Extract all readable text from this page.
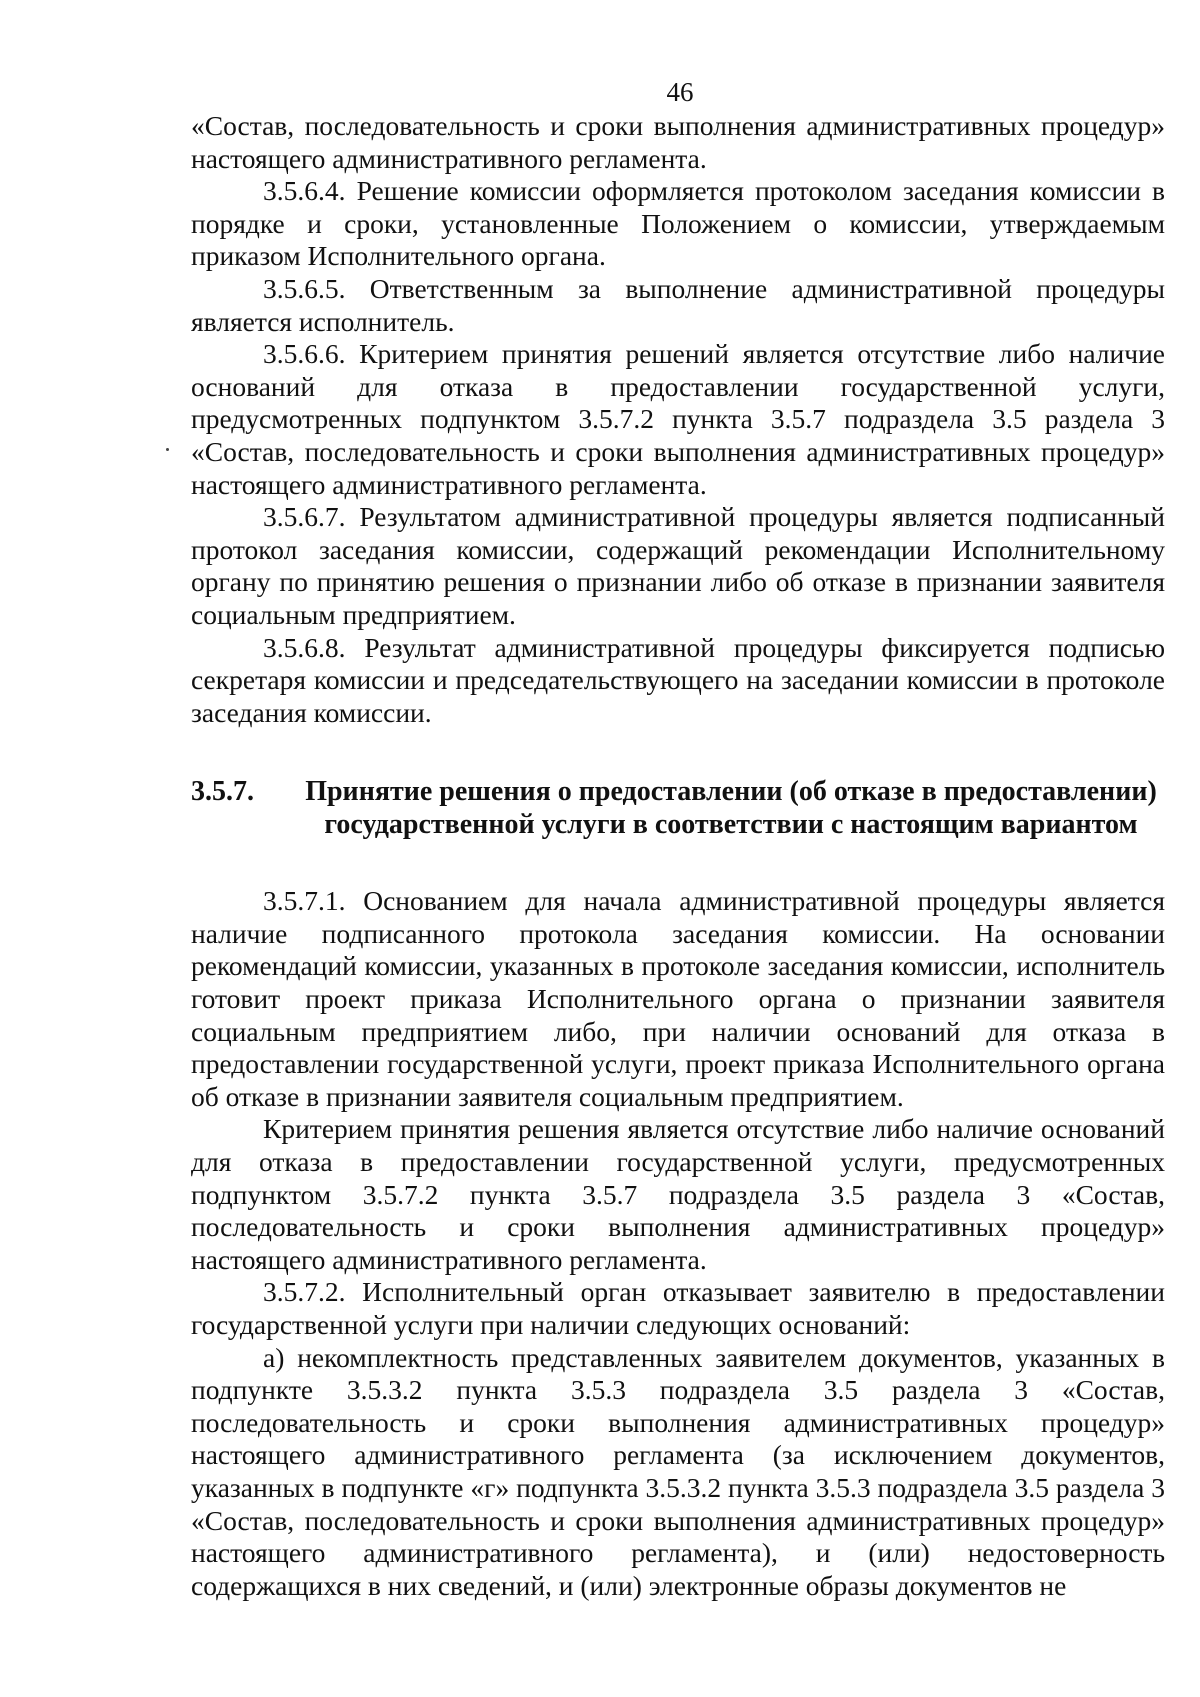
46

«Состав, последовательность и сроки выполнения административных процедур» настоящего административного регламента.

3.5.6.4. Решение комиссии оформляется протоколом заседания комиссии в порядке и сроки, установленные Положением о комиссии, утверждаемым приказом Исполнительного органа.

3.5.6.5. Ответственным за выполнение административной процедуры является исполнитель.

3.5.6.6. Критерием принятия решений является отсутствие либо наличие оснований для отказа в предоставлении государственной услуги, предусмотренных подпунктом 3.5.7.2 пункта 3.5.7 подраздела 3.5 раздела 3 «Состав, последовательность и сроки выполнения административных процедур» настоящего административного регламента.

3.5.6.7. Результатом административной процедуры является подписанный протокол заседания комиссии, содержащий рекомендации Исполнительному органу по принятию решения о признании либо об отказе в признании заявителя социальным предприятием.

3.5.6.8. Результат административной процедуры фиксируется подписью секретаря комиссии и председательствующего на заседании комиссии в протоколе заседания комиссии.

3.5.7. Принятие решения о предоставлении (об отказе в предоставлении)
государственной услуги в соответствии с настоящим вариантом

3.5.7.1. Основанием для начала административной процедуры является наличие подписанного протокола заседания комиссии. На основании рекомендаций комиссии, указанных в протоколе заседания комиссии, исполнитель готовит проект приказа Исполнительного органа о признании заявителя социальным предприятием либо, при наличии оснований для отказа в предоставлении государственной услуги, проект приказа Исполнительного органа об отказе в признании заявителя социальным предприятием.

Критерием принятия решения является отсутствие либо наличие оснований для отказа в предоставлении государственной услуги, предусмотренных подпунктом 3.5.7.2 пункта 3.5.7 подраздела 3.5 раздела 3 «Состав, последовательность и сроки выполнения административных процедур» настоящего административного регламента.

3.5.7.2. Исполнительный орган отказывает заявителю в предоставлении государственной услуги при наличии следующих оснований:

а) некомплектность представленных заявителем документов, указанных в подпункте 3.5.3.2 пункта 3.5.3 подраздела 3.5 раздела 3 «Состав, последовательность и сроки выполнения административных процедур» настоящего административного регламента (за исключением документов, указанных в подпункте «г» подпункта 3.5.3.2 пункта 3.5.3 подраздела 3.5 раздела 3 «Состав, последовательность и сроки выполнения административных процедур» настоящего административного регламента), и (или) недостоверность содержащихся в них сведений, и (или) электронные образы документов не
